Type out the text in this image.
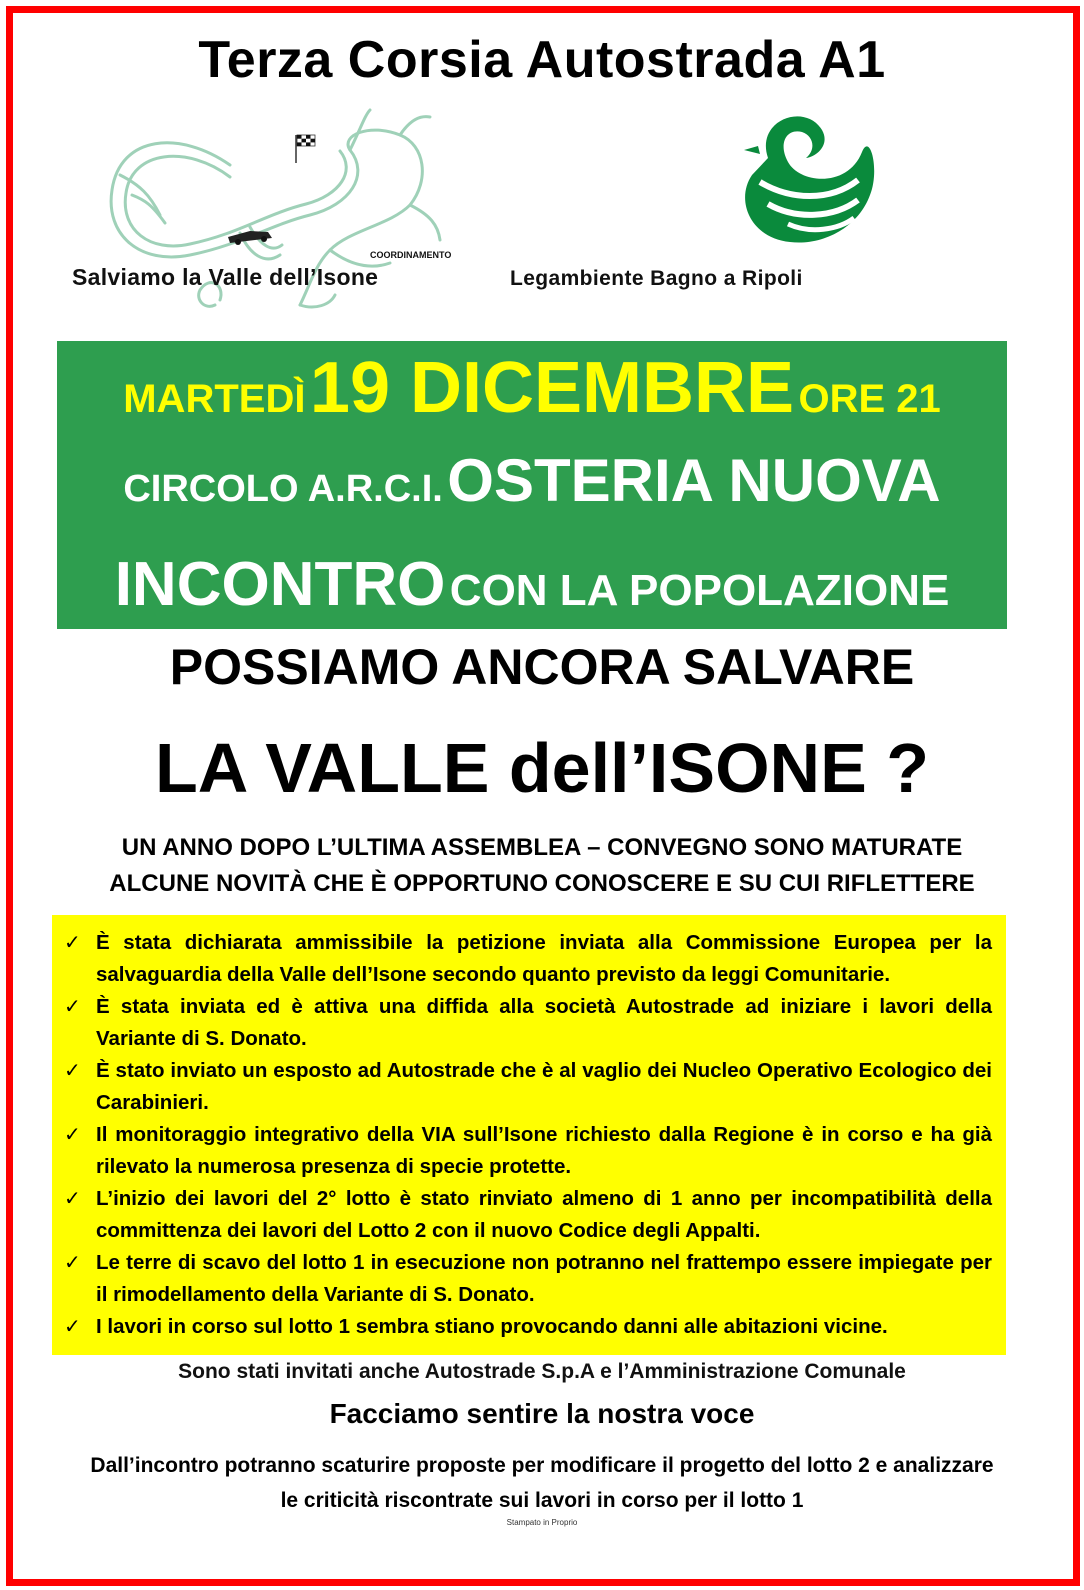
Terza Corsia Autostrada A1
COORDINAMENTO
Salviamo la Valle dell’Isone	Legambiente Bagno a Ripoli
MARTEDÌ 19 DICEMBRE ORE 21
CIRCOLO A.R.C.I. OSTERIA NUOVA
INCONTRO CON LA POPOLAZIONE
POSSIAMO ANCORA SALVARE
LA VALLE dell’ISONE ?
UN ANNO DOPO L’ULTIMA ASSEMBLEA – CONVEGNO SONO MATURATE
ALCUNE NOVITÀ CHE È OPPORTUNO CONOSCERE E SU CUI RIFLETTERE
✓ È stata dichiarata ammissibile la petizione inviata alla Commissione Europea per la salvaguardia della Valle dell’Isone secondo quanto previsto da leggi Comunitarie.
✓ È stata inviata ed è attiva una diffida alla società Autostrade ad iniziare i lavori della Variante di S. Donato.
✓ È stato inviato un esposto ad Autostrade che è al vaglio dei Nucleo Operativo Ecologico dei Carabinieri.
✓ Il monitoraggio integrativo della VIA sull’Isone richiesto dalla Regione è in corso e ha già rilevato la numerosa presenza di specie protette.
✓ L’inizio dei lavori del 2° lotto è stato rinviato almeno di 1 anno per incompatibilità della committenza dei lavori del Lotto 2 con il nuovo Codice degli Appalti.
✓ Le terre di scavo del lotto 1 in esecuzione non potranno nel frattempo essere impiegate per il rimodellamento della Variante di S. Donato.
✓ I lavori in corso sul lotto 1 sembra stiano provocando danni alle abitazioni vicine.
Sono stati invitati anche Autostrade S.p.A e l’Amministrazione Comunale
Facciamo sentire la nostra voce
Dall’incontro potranno scaturire proposte per modificare il progetto del lotto 2 e analizzare
le criticità riscontrate sui lavori in corso per il lotto 1
Stampato in Proprio
